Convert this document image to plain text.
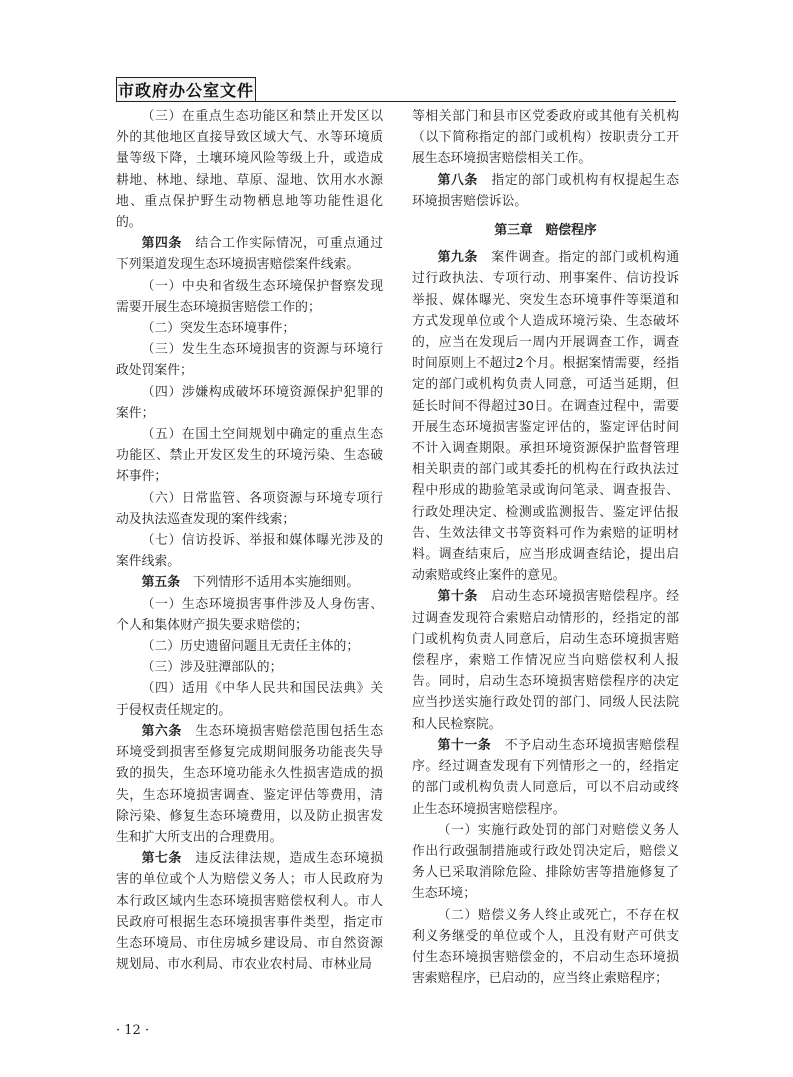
市政府办公室文件

（三）在重点生态功能区和禁止开发区以外的其他地区直接导致区域大气、水等环境质量等级下降，土壤环境风险等级上升，或造成耕地、林地、绿地、草原、湿地、饮用水水源地、重点保护野生动物栖息地等功能性退化的。

第四条　 结合工作实际情况，可重点通过下列渠道发现生态环境损害赔偿案件线索。

（一）中央和省级生态环境保护督察发现需要开展生态环境损害赔偿工作的；

（二）突发生态环境事件；

（三）发生生态环境损害的资源与环境行政处罚案件；

（四）涉嫌构成破坏环境资源保护犯罪的案件；

（五）在国土空间规划中确定的重点生态功能区、禁止开发区发生的环境污染、生态破坏事件；

（六）日常监管、各项资源与环境专项行动及执法巡查发现的案件线索；

（七）信访投诉、举报和媒体曝光涉及的案件线索。

第五条　 下列情形不适用本实施细则。

（一）生态环境损害事件涉及人身伤害、个人和集体财产损失要求赔偿的；

（二）历史遗留问题且无责任主体的；

（三）涉及驻潭部队的；

（四）适用《中华人民共和国民法典》关于侵权责任规定的。

第六条　 生态环境损害赔偿范围包括生态环境受到损害至修复完成期间服务功能丧失导致的损失，生态环境功能永久性损害造成的损失，生态环境损害调查、鉴定评估等费用，清除污染、修复生态环境费用，以及防止损害发生和扩大所支出的合理费用。

第七条　 违反法律法规，造成生态环境损害的单位或个人为赔偿义务人；市人民政府为本行政区域内生态环境损害赔偿权利人。市人民政府可根据生态环境损害事件类型，指定市生态环境局、市住房城乡建设局、市自然资源规划局、市水利局、市农业农村局、市林业局

等相关部门和县市区党委政府或其他有关机构（以下简称指定的部门或机构）按职责分工开展生态环境损害赔偿相关工作。

第八条　 指定的部门或机构有权提起生态环境损害赔偿诉讼。

第三章　赔偿程序

第九条　 案件调查。指定的部门或机构通过行政执法、专项行动、刑事案件、信访投诉举报、媒体曝光、突发生态环境事件等渠道和方式发现单位或个人造成环境污染、生态破坏的，应当在发现后一周内开展调查工作，调查时间原则上不超过2个月。根据案情需要，经指定的部门或机构负责人同意，可适当延期，但延长时间不得超过30日。在调查过程中，需要开展生态环境损害鉴定评估的，鉴定评估时间不计入调查期限。承担环境资源保护监督管理相关职责的部门或其委托的机构在行政执法过程中形成的勘验笔录或询问笔录、调查报告、行政处理决定、检测或监测报告、鉴定评估报告、生效法律文书等资料可作为索赔的证明材料。调查结束后，应当形成调查结论，提出启动索赔或终止案件的意见。

第十条　 启动生态环境损害赔偿程序。经过调查发现符合索赔启动情形的，经指定的部门或机构负责人同意后，启动生态环境损害赔偿程序，索赔工作情况应当向赔偿权利人报告。同时，启动生态环境损害赔偿程序的决定应当抄送实施行政处罚的部门、同级人民法院和人民检察院。

第十一条　 不予启动生态环境损害赔偿程序。经过调查发现有下列情形之一的，经指定的部门或机构负责人同意后，可以不启动或终止生态环境损害赔偿程序。

（一）实施行政处罚的部门对赔偿义务人作出行政强制措施或行政处罚决定后，赔偿义务人已采取消除危险、排除妨害等措施修复了生态环境；

（二）赔偿义务人终止或死亡，不存在权利义务继受的单位或个人，且没有财产可供支付生态环境损害赔偿金的，不启动生态环境损害索赔程序，已启动的，应当终止索赔程序；

· 12 ·
